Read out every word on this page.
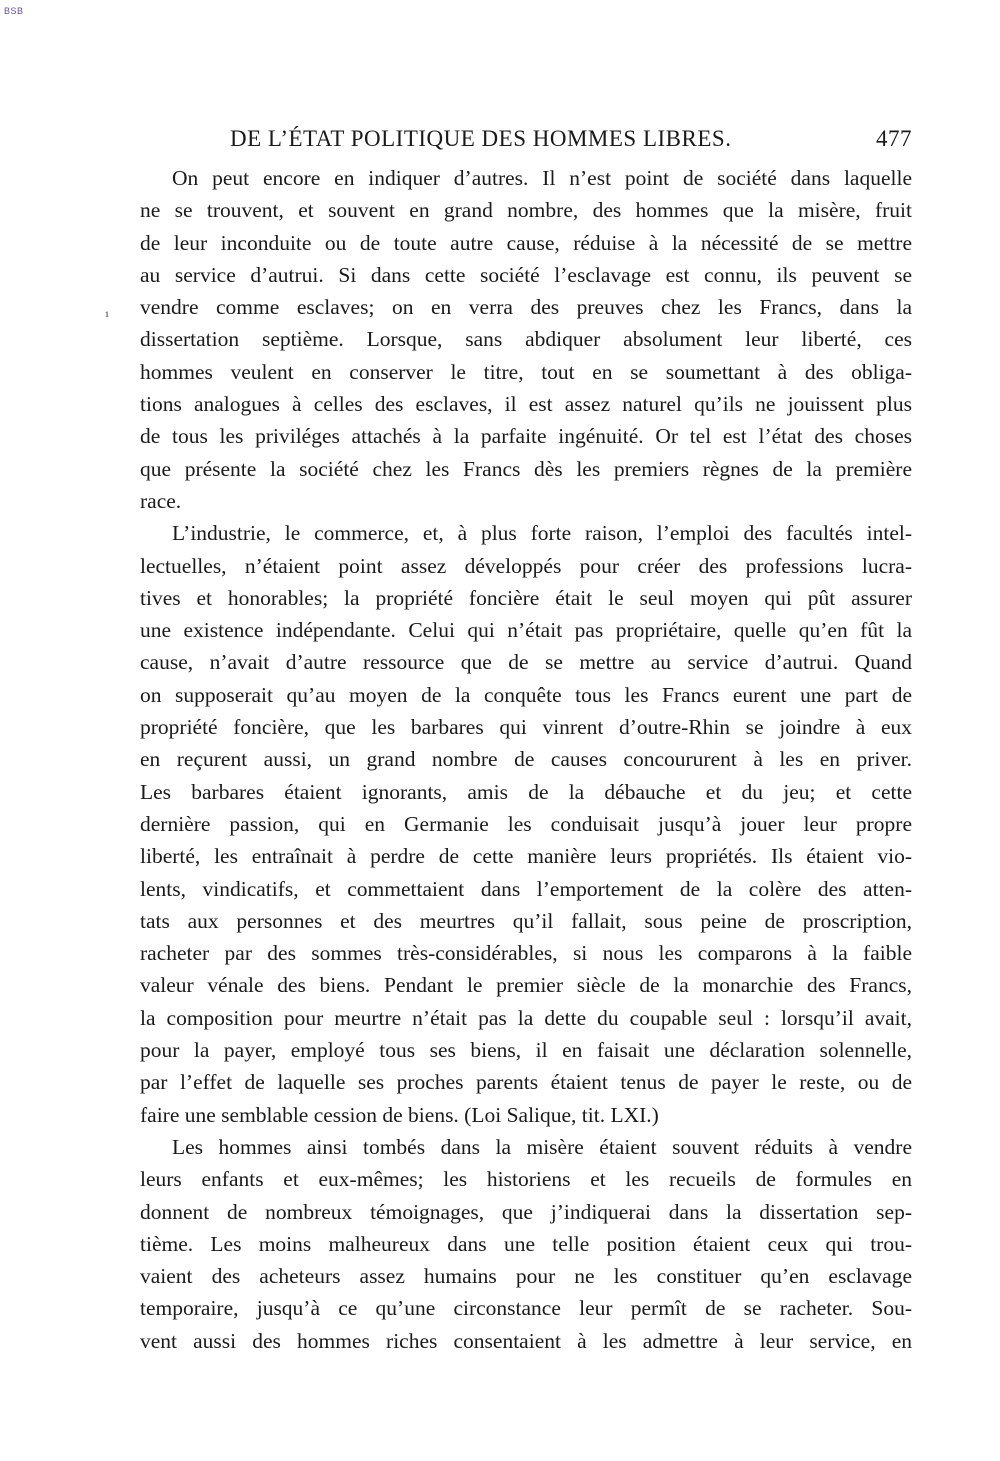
BSB
¹
DE L’ÉTAT POLITIQUE DES HOMMES LIBRES.	477
On peut encore en indiquer d’autres. Il n’est point de société dans laquelle
ne se trouvent, et souvent en grand nombre, des hommes que la misère, fruit
de leur inconduite ou de toute autre cause, réduise à la nécessité de se mettre
au service d’autrui. Si dans cette société l’esclavage est connu, ils peuvent se
vendre comme esclaves; on en verra des preuves chez les Francs, dans la
dissertation septième. Lorsque, sans abdiquer absolument leur liberté, ces
hommes veulent en conserver le titre, tout en se soumettant à des obliga-
tions analogues à celles des esclaves, il est assez naturel qu’ils ne jouissent plus
de tous les priviléges attachés à la parfaite ingénuité. Or tel est l’état des choses
que présente la société chez les Francs dès les premiers règnes de la première
race.
L’industrie, le commerce, et, à plus forte raison, l’emploi des facultés intel-
lectuelles, n’étaient point assez développés pour créer des professions lucra-
tives et honorables; la propriété foncière était le seul moyen qui pût assurer
une existence indépendante. Celui qui n’était pas propriétaire, quelle qu’en fût la
cause, n’avait d’autre ressource que de se mettre au service d’autrui. Quand
on supposerait qu’au moyen de la conquête tous les Francs eurent une part de
propriété foncière, que les barbares qui vinrent d’outre-Rhin se joindre à eux
en reçurent aussi, un grand nombre de causes concoururent à les en priver.
Les barbares étaient ignorants, amis de la débauche et du jeu; et cette
dernière passion, qui en Germanie les conduisait jusqu’à jouer leur propre
liberté, les entraînait à perdre de cette manière leurs propriétés. Ils étaient vio-
lents, vindicatifs, et commettaient dans l’emportement de la colère des atten-
tats aux personnes et des meurtres qu’il fallait, sous peine de proscription,
racheter par des sommes très-considérables, si nous les comparons à la faible
valeur vénale des biens. Pendant le premier siècle de la monarchie des Francs,
la composition pour meurtre n’était pas la dette du coupable seul : lorsqu’il avait,
pour la payer, employé tous ses biens, il en faisait une déclaration solennelle,
par l’effet de laquelle ses proches parents étaient tenus de payer le reste, ou de
faire une semblable cession de biens. (Loi Salique, tit. LXI.)
Les hommes ainsi tombés dans la misère étaient souvent réduits à vendre
leurs enfants et eux-mêmes; les historiens et les recueils de formules en
donnent de nombreux témoignages, que j’indiquerai dans la dissertation sep-
tième. Les moins malheureux dans une telle position étaient ceux qui trou-
vaient des acheteurs assez humains pour ne les constituer qu’en esclavage
temporaire, jusqu’à ce qu’une circonstance leur permît de se racheter. Sou-
vent aussi des hommes riches consentaient à les admettre à leur service, en
